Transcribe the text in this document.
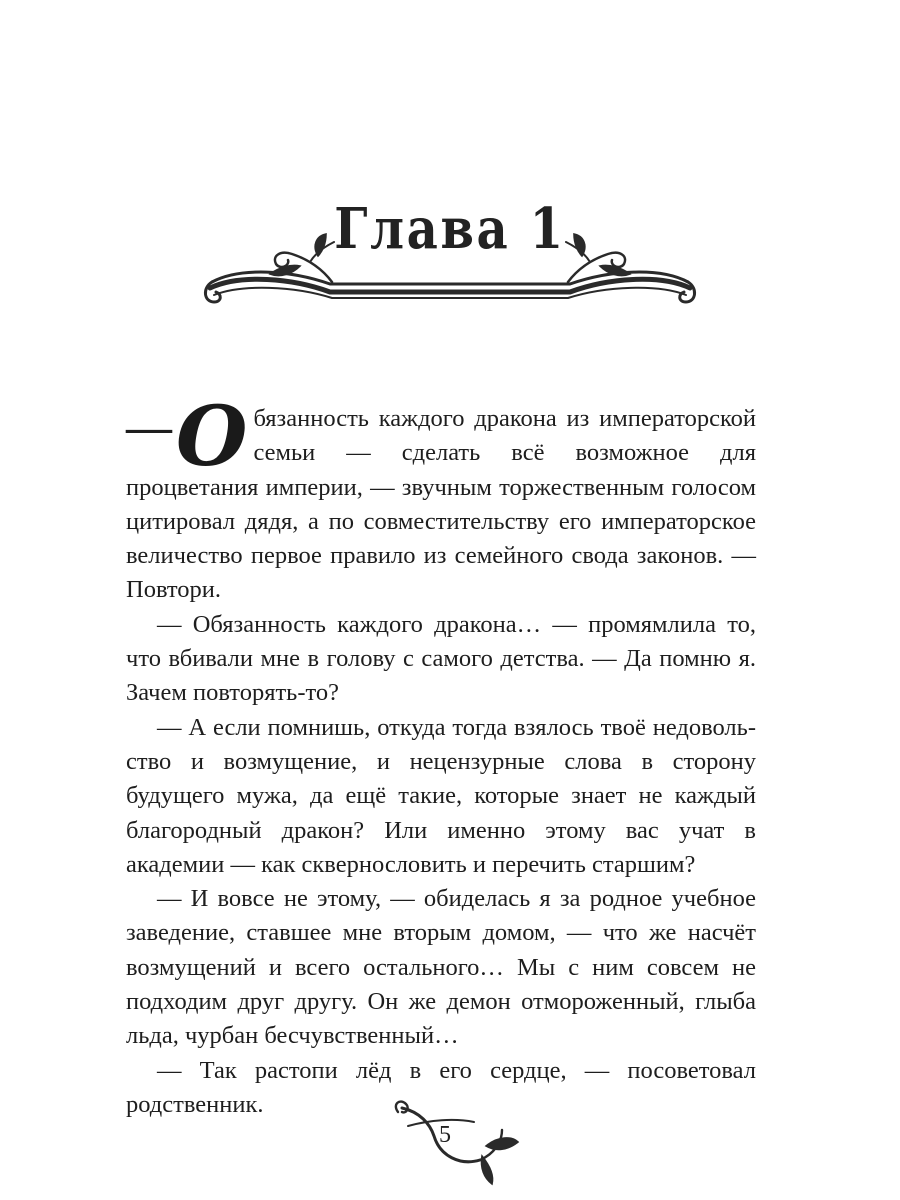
Глава 1

— О бязанность каждого дракона из императорской семьи — сделать всё возможное для процветания империи, — звучным торжественным голосом цитировал дядя, а по совместительству его императорское величество первое правило из семейного свода законов. — Повтори.

— Обязанность каждого дракона… — промямлила то, что вбивали мне в голову с самого детства. — Да помню я. Зачем повторять-то?

— А если помнишь, откуда тогда взялось твоё недовольство и возмущение, и нецензурные слова в сторону будущего мужа, да ещё такие, которые знает не каждый благородный дракон? Или именно этому вас учат в академии — как сквернословить и перечить старшим?

— И вовсе не этому, — обиделась я за родное учебное заведение, ставшее мне вторым домом, — что же насчёт возмущений и всего остального… Мы с ним совсем не подходим друг другу. Он же демон отмороженный, глыба льда, чурбан бесчувственный…

— Так растопи лёд в его сердце, — посоветовал родственник.

5
